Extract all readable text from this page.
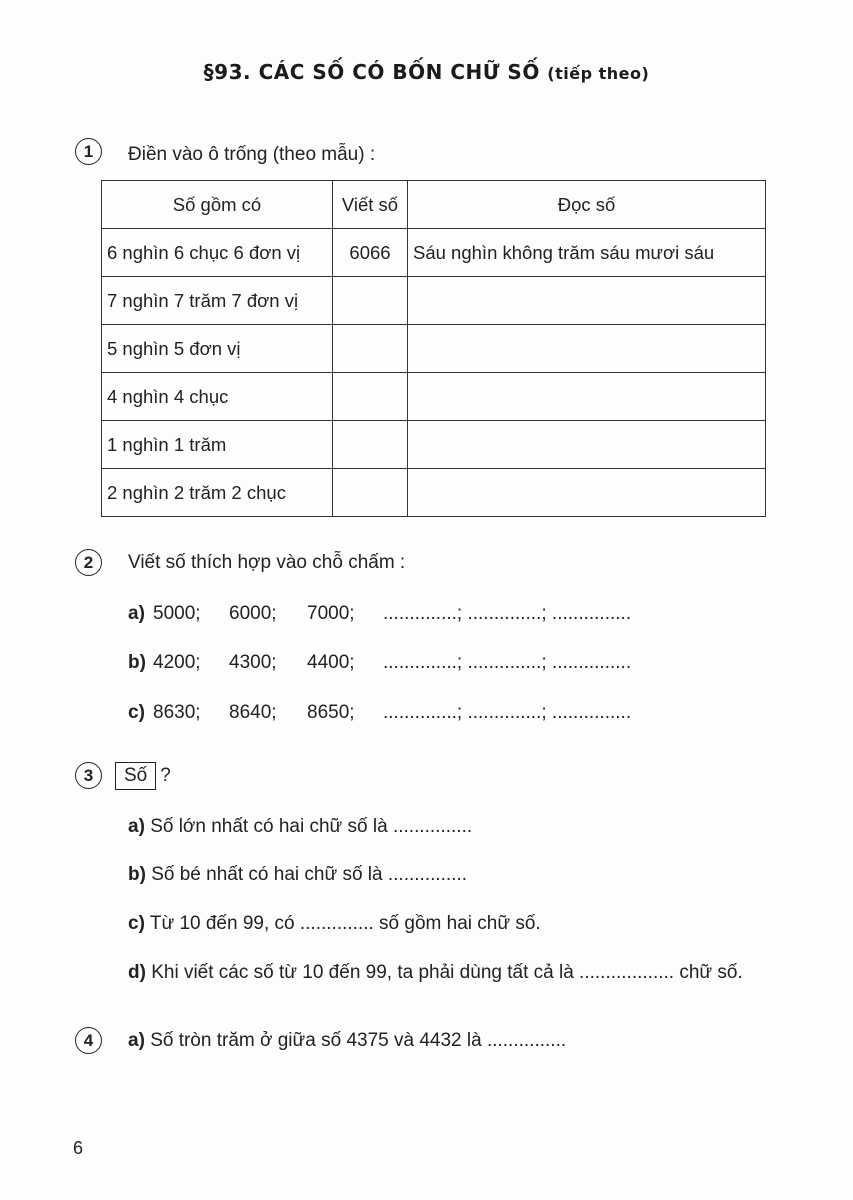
§93. CÁC SỐ CÓ BỐN CHỮ SỐ (tiếp theo)
1	Điền vào ô trống (theo mẫu) :
Số gồm có	Viết số	Đọc số
6 nghìn 6 chục 6 đơn vị	6066	Sáu nghìn không trăm sáu mươi sáu
7 nghìn 7 trăm 7 đơn vị		
5 nghìn 5 đơn vị		
4 nghìn 4 chục		
1 nghìn 1 trăm		
2 nghìn 2 trăm 2 chục		
2	Viết số thích hợp vào chỗ chấm :
a) 5000; 6000; 7000; ..............; ..............; ...............
b) 4200; 4300; 4400; ..............; ..............; ...............
c) 8630; 8640; 8650; ..............; ..............; ...............
3	Số ?
a) Số lớn nhất có hai chữ số là ...............
b) Số bé nhất có hai chữ số là ...............
c) Từ 10 đến 99, có .............. số gồm hai chữ số.
d) Khi viết các số từ 10 đến 99, ta phải dùng tất cả là .................. chữ số.
4	a) Số tròn trăm ở giữa số 4375 và 4432 là ...............
6
